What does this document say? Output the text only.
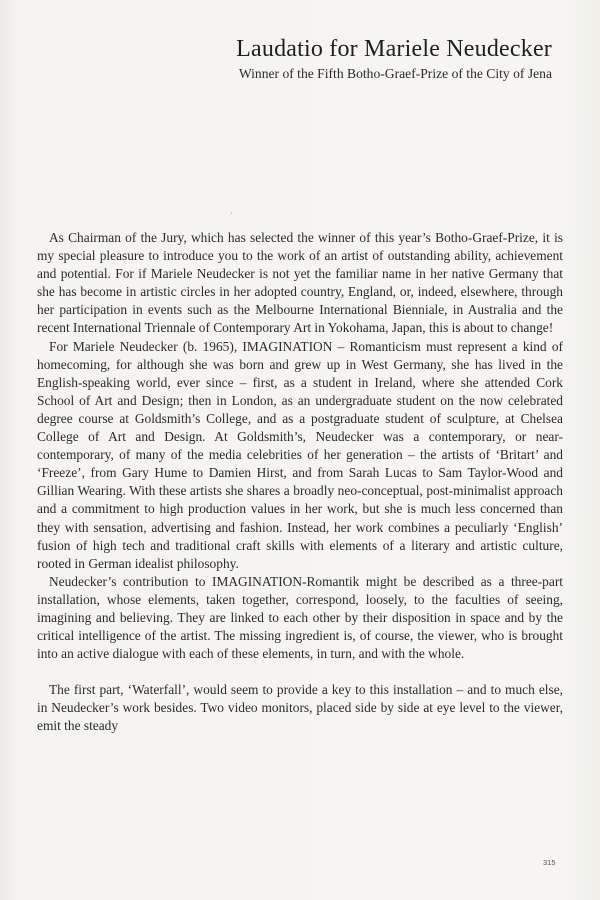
Laudatio for Mariele Neudecker
Winner of the Fifth Botho-Graef-Prize of the City of Jena
·

As Chairman of the Jury, which has selected the winner of this year’s Botho-Graef-Prize, it is my special pleasure to introduce you to the work of an artist of outstanding ability, achievement and potential. For if Mariele Neudecker is not yet the familiar name in her native Germany that she has become in artistic circles in her adopted country, England, or, indeed, elsewhere, through her participation in events such as the Melbourne International Bienniale, in Australia and the recent International Triennale of Contemporary Art in Yokohama, Japan, this is about to change!

For Mariele Neudecker (b. 1965), IMAGINATION – Romanticism must represent a kind of homecoming, for although she was born and grew up in West Germany, she has lived in the English-speaking world, ever since – first, as a student in Ireland, where she attended Cork School of Art and Design; then in London, as an undergraduate student on the now celebrated degree course at Goldsmith’s College, and as a postgraduate student of sculpture, at Chelsea College of Art and Design. At Goldsmith’s, Neudecker was a contemporary, or near-contemporary, of many of the media celebrities of her generation – the artists of ‘Britart’ and ‘Freeze’, from Gary Hume to Damien Hirst, and from Sarah Lucas to Sam Taylor-Wood and Gillian Wearing. With these artists she shares a broadly neo-conceptual, post-minimalist approach and a commitment to high production values in her work, but she is much less concerned than they with sensation, advertising and fashion. Instead, her work combines a peculiarly ‘English’ fusion of high tech and traditional craft skills with elements of a literary and artistic culture, rooted in German idealist philosophy.

Neudecker’s contribution to IMAGINATION-Romantik might be described as a three-part installation, whose elements, taken together, correspond, loosely, to the faculties of seeing, imagining and believing. They are linked to each other by their disposition in space and by the critical intelligence of the artist. The missing ingredient is, of course, the viewer, who is brought into an active dialogue with each of these elements, in turn, and with the whole.

The first part, ‘Waterfall’, would seem to provide a key to this installation – and to much else, in Neudecker’s work besides. Two video monitors, placed side by side at eye level to the viewer, emit the steady

315
